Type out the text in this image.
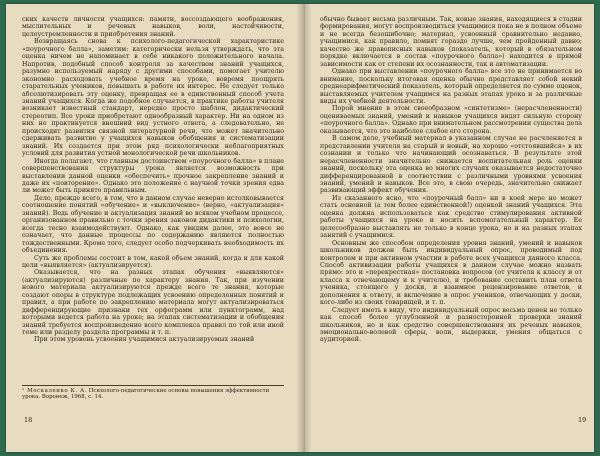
ских качеств личности учащихся: памяти, воссоздающего воображения, мыслительных и речевых навыков, воли, настойчивости, целеустремленности и приобретения знаний.

Возвращаясь снова к психолого-педагогической характеристике «поурочного балла», заметим: категорически нельзя утверждать, что эта оценка ничем не напоминает в себе никакого положительного начала. Напротив, подобный способ контроля за качеством знаний учащихся, разумно используемый наряду с другими способами, помогает учителю экономно расходовать учебное время на уроке, вовремя поощрять старательных учеников, повышать в работе их интерес. Не следует только абсолютизировать эту оценку, превращая ее в единственный способ учета знаний учащихся. Когда же подобное случается, в практике работы учителя возникает известный стандарт, нередко просто шаблон, дидактический стереотип. Все уроки приобретают однообразный характер. Ни на одном из них не практикуется внешний вид устного ответа, а следовательно, не происходит развития связной литературной речи, что может значительно сдерживать развитие у учащихся навыков обобщения и систематизации знаний. Их создается при этом ряд психологически неблагоприятных условий для развития устной монологической речи школьников.

Иногда полагают, что главным достоинством «поурочного балла» в плане совершенствования структуры урока является возможность при выставлении данной оценки «обеспечить» прочное закрепление знаний и даже их «повторение». Однако это положение с научной точки зрения едва ли может быть принято правильным.

Дело, прежде всего, в том, что в данном случае неверно истолковывается соотношение понятий «обучение» и «выключение» (верно, «актуализация» знаний). Ведь обучение и актуализация знаний во всяком учебном процессе, организованном правильно с точки зрения законов дидактики и психологии, всегда тесно взаимодействуют. Однако, как увидим далее, это вовсе не означает, что данные процессы по содержанию являются полностью тождественными. Кроме того, следует особо подчеркивать необходимость их объединения.

Суть же проблемы состоит в том, какой объем знаний, когда и для какой цели «выявляется» (актуализируется).

Оказывается, что на разных этапах обучения «выявляются» (актуализируются) различные по характеру знания. Так, при изучении нового материала актуализируются прежде всего те знания, которые создают опоры в структуре подлежащих усвоению определенных понятий и правил, а при работе по закреплению материала могут актуализироваться дифференцирующие признаки тех орфограмм или пунктограмм, над которыми ведется работа на уроке; на этапах систематизации и обобщения знаний требуется воспроизведение всего комплекса правил по той или иной теме или разделу раздела программы и т. п.

При этом уровень усвоения учащимися актуализируемых знаний

¹ Москаленко К. А. Психолого-педагогические основы повышения эффективности урока. Воронеж, 1968, с. 14.
18

обычно бывает весьма различным. Так, новые знания, находящиеся в стадии формирования, могут воспроизводиться учащимися пока не в полном объеме и не всегда безошибочно; материал, усвоенный сравнительно недавно, учащимися, как правило, помнят гораздо лучше, чем пройденный давно; качество же правописных навыков (показатель, который в обязательном порядке включается в состав «поурочного балла») находится в прямой зависимости как от степени их осознанности, так и автоматизации.

Однако при выставлении «поурочного балла» все это не принимается во внимание, поскольку итоговая оценка обычно представляет собой некий среднеарифметический показатель, который определяется по сумме оценок, выставляемых учителем учащимся на разных этапах урока и за различные виды их учебной деятельности.

Порой мнение в этом своеобразном «синтетизме» (нерасчлененности) оцениваемых знаний, умений и навыков учащихся видят сильную сторону «поурочного балла». Однако при внимательном рассмотрении существа дела оказывается, что это наиболее слабое его сторона.

В самом деле, учебный материал в указанном случае не расчленяется в представлении учителя на старый и новый, на хорошо «отстоявшийся» в их сознании и только что начинающий осознаваться. В результате этой нерасчлененности значительно снижается воспитательная роль оценки знаний, поскольку эта оценка во многих случаях оказывается недостаточно дифференцированной в соответствии с различными уровнями усвоения знаний, умений и навыков. Все это, в свою очередь, значительно снижает развивающий эффект обучения.

Из сказанного ясно, что «поурочный балл» ни в коей мере не может стать основной (а тем более единственной!) оценкой знаний учащихся. Эта оценка должна использоваться как средство стимулирования активной работы учащихся на уроке и носить вспомогательный характер. Ее целесообразно выставлять не только в конце урока, но и на разных этапах занятий с учащимися.

Основным же способом определения уровня знаний, умений и навыков школьников должен быть индивидуальный опрос, проводимый под контролем и при активном участии в работе всех учащихся данного класса. Способ активизации работы учащихся в данном случае можно назвать прямо: это и «перекрестная» постановка вопросов (от учителя к классу и от класса к отвечающему и к учителю), и требование составить план ответа ученика, стоящего у доски, и взаимное рецензирование ответов, и дополнения к ответу, и включение в опрос учеников, отвечающих у доски, кого-либо из своих товарищей, и т. п.

Следует иметь в виду, что индивидуальный опрос весьма ценен не только как способ более углубленной и разносторонней проверки знаний школьников, но и как средство совершенствования их речевых навыков, эмоционально-волевой сферы, воли, выдержки, умения общаться с аудиторией.

19
